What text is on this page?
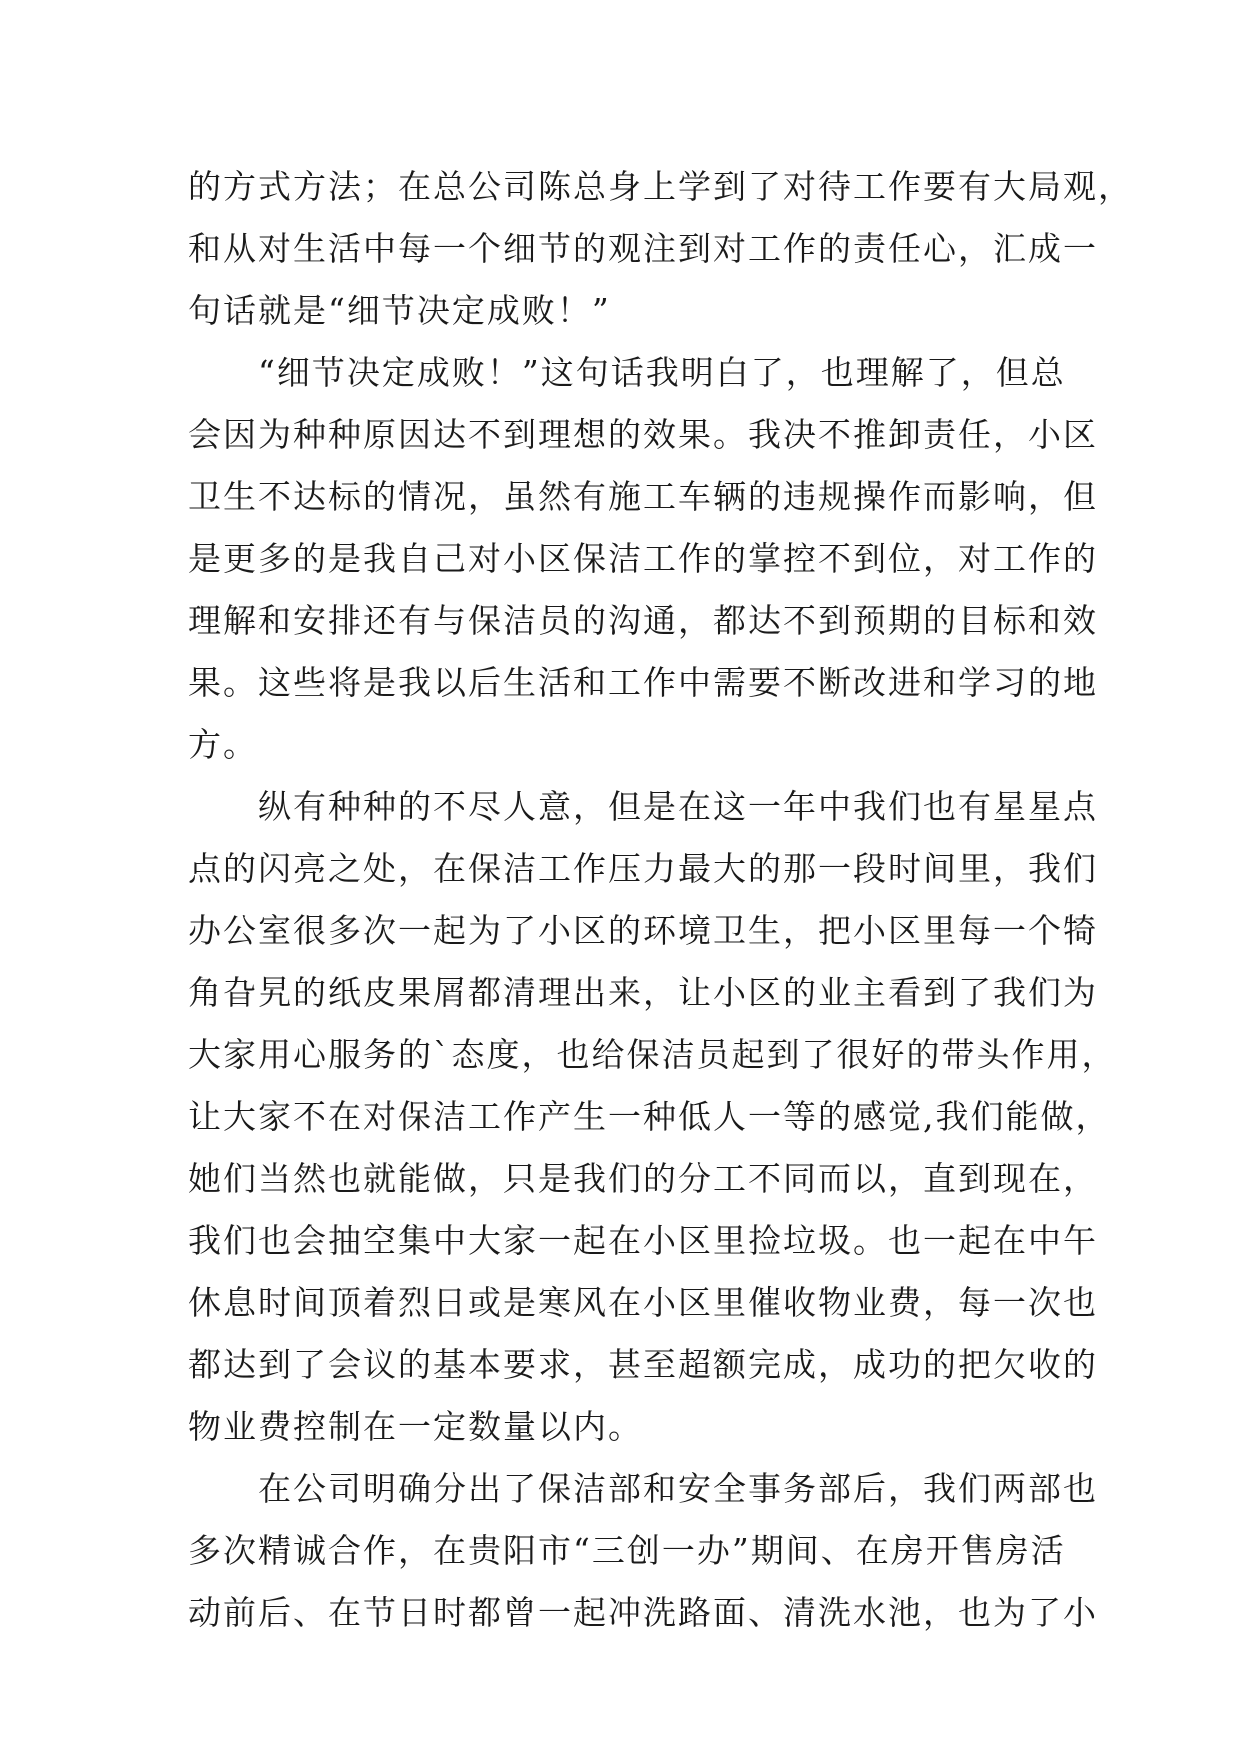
的方式方法；在总公司陈总身上学到了对待工作要有大局观，
和从对生活中每一个细节的观注到对工作的责任心，汇成一
句话就是“细节决定成败！”
　　“细节决定成败！”这句话我明白了，也理解了，但总
会因为种种原因达不到理想的效果。我决不推卸责任，小区
卫生不达标的情况，虽然有施工车辆的违规操作而影响，但
是更多的是我自己对小区保洁工作的掌控不到位，对工作的
理解和安排还有与保洁员的沟通，都达不到预期的目标和效
果。这些将是我以后生活和工作中需要不断改进和学习的地
方。
　　纵有种种的不尽人意，但是在这一年中我们也有星星点
点的闪亮之处，在保洁工作压力最大的那一段时间里，我们
办公室很多次一起为了小区的环境卫生，把小区里每一个犄
角旮旯的纸皮果屑都清理出来，让小区的业主看到了我们为
大家用心服务的`态度，也给保洁员起到了很好的带头作用，
让大家不在对保洁工作产生一种低人一等的感觉,我们能做，
她们当然也就能做，只是我们的分工不同而以，直到现在，
我们也会抽空集中大家一起在小区里捡垃圾。也一起在中午
休息时间顶着烈日或是寒风在小区里催收物业费，每一次也
都达到了会议的基本要求，甚至超额完成，成功的把欠收的
物业费控制在一定数量以内。
　　在公司明确分出了保洁部和安全事务部后，我们两部也
多次精诚合作，在贵阳市“三创一办”期间、在房开售房活
动前后、在节日时都曾一起冲洗路面、清洗水池，也为了小
